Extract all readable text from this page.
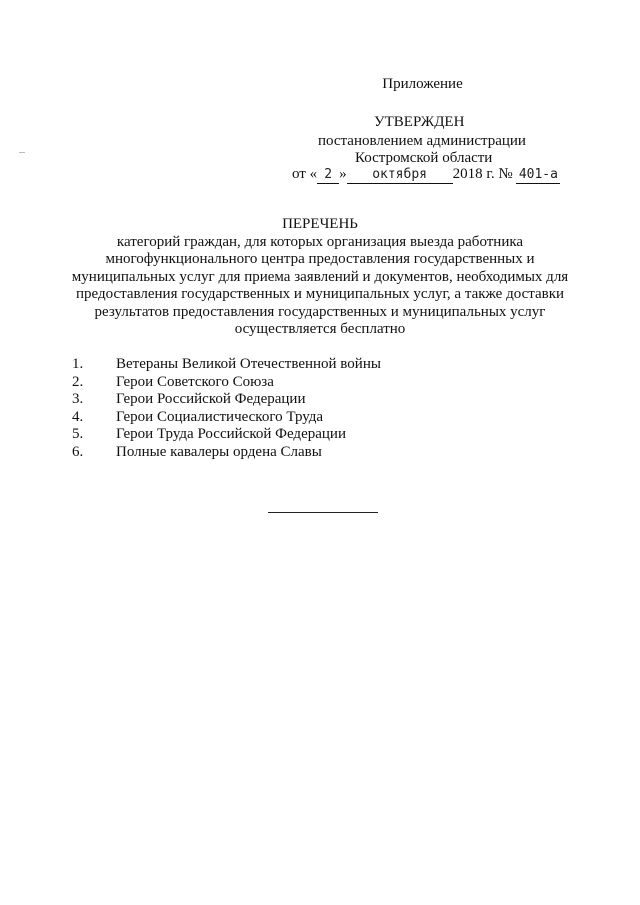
Приложение
УТВЕРЖДЕН
постановлением администрации
Костромской области
от « 2 » октября 2018 г. № 401-а
ПЕРЕЧЕНЬ
категорий граждан, для которых организация выезда работника многофункционального центра предоставления государственных и муниципальных услуг для приема заявлений и документов, необходимых для предоставления государственных и муниципальных услуг, а также доставки результатов предоставления государственных и муниципальных услуг осуществляется бесплатно
1.	Ветераны Великой Отечественной войны
2.	Герои Советского Союза
3.	Герои Российской Федерации
4.	Герои Социалистического Труда
5.	Герои Труда Российской Федерации
6.	Полные кавалеры ордена Славы
